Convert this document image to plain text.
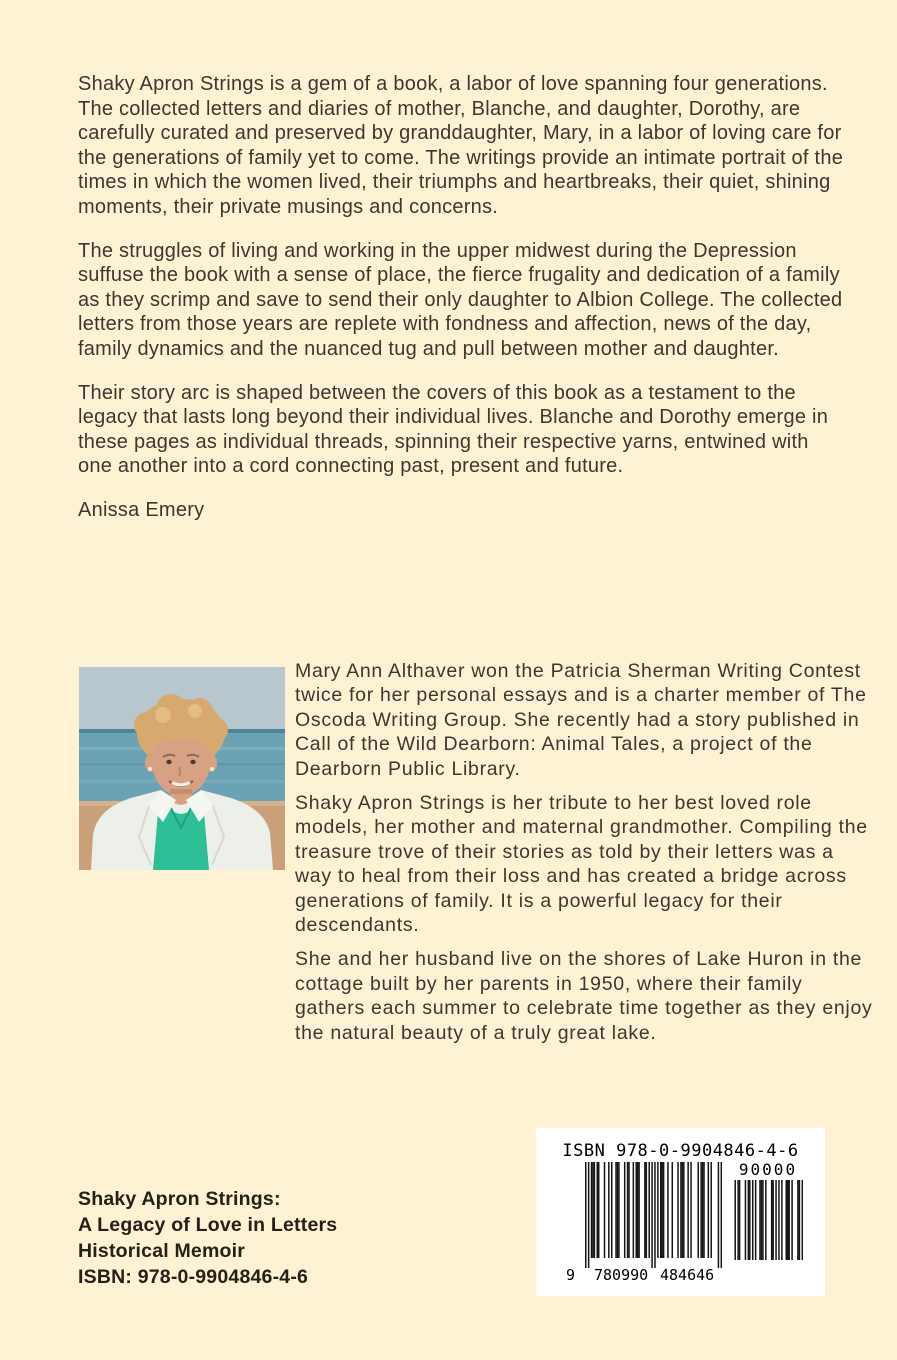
Shaky Apron Strings is a gem of a book, a labor of love spanning four generations. The collected letters and diaries of mother, Blanche, and daughter, Dorothy, are carefully curated and preserved by granddaughter, Mary, in a labor of loving care for the generations of family yet to come. The writings provide an intimate portrait of the times in which the women lived, their triumphs and heartbreaks, their quiet, shining moments, their private musings and concerns.

The struggles of living and working in the upper midwest during the Depression suffuse the book with a sense of place, the fierce frugality and dedication of a family as they scrimp and save to send their only daughter to Albion College. The collected letters from those years are replete with fondness and affection, news of the day, family dynamics and the nuanced tug and pull between mother and daughter.

Their story arc is shaped between the covers of this book as a testament to the legacy that lasts long beyond their individual lives. Blanche and Dorothy emerge in these pages as individual threads, spinning their respective yarns, entwined with one another into a cord connecting past, present and future.

Anissa Emery

Mary Ann Althaver won the Patricia Sherman Writing Contest twice for her personal essays and is a charter member of The Oscoda Writing Group. She recently had a story published in Call of the Wild Dearborn: Animal Tales, a project of the Dearborn Public Library.

Shaky Apron Strings is her tribute to her best loved role models, her mother and maternal grandmother. Compiling the treasure trove of their stories as told by their letters was a way to heal from their loss and has created a bridge across generations of family. It is a powerful legacy for their descendants.

She and her husband live on the shores of Lake Huron in the cottage built by her parents in 1950, where their family gathers each summer to celebrate time together as they enjoy the natural beauty of a truly great lake.

Shaky Apron Strings:
A Legacy of Love in Letters
Historical Memoir
ISBN: 978-0-9904846-4-6
ISBN 978-0-9904846-4-6
90000
9 780990 484646
